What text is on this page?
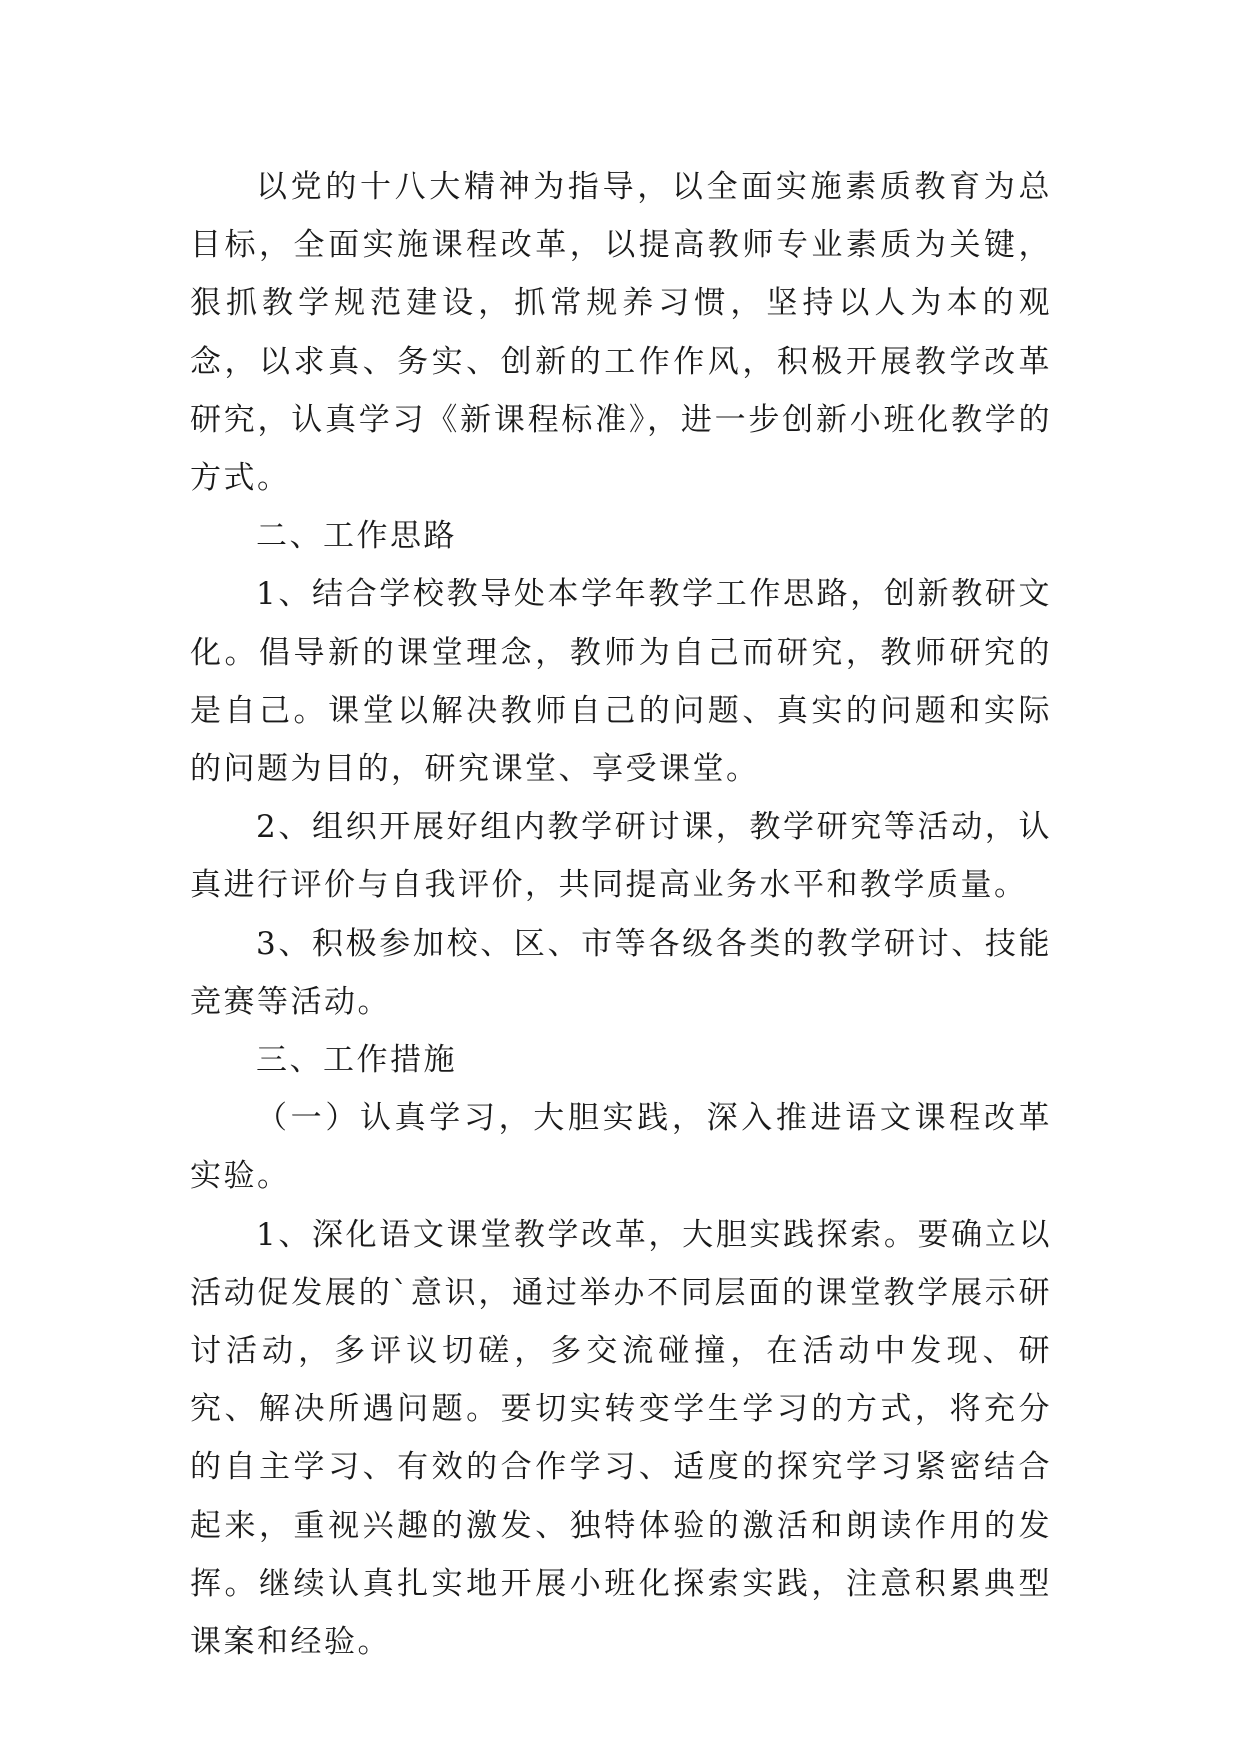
以党的十八大精神为指导，以全面实施素质教育为总目标，全面实施课程改革，以提高教师专业素质为关键，狠抓教学规范建设，抓常规养习惯，坚持以人为本的观念，以求真、务实、创新的工作作风，积极开展教学改革研究，认真学习《新课程标准》，进一步创新小班化教学的方式。

二、工作思路

1、结合学校教导处本学年教学工作思路，创新教研文化。倡导新的课堂理念，教师为自己而研究，教师研究的是自己。课堂以解决教师自己的问题、真实的问题和实际的问题为目的，研究课堂、享受课堂。

2、组织开展好组内教学研讨课，教学研究等活动，认真进行评价与自我评价，共同提高业务水平和教学质量。

3、积极参加校、区、市等各级各类的教学研讨、技能竞赛等活动。

三、工作措施

（一）认真学习，大胆实践，深入推进语文课程改革实验。

1、深化语文课堂教学改革，大胆实践探索。要确立以活动促发展的`意识，通过举办不同层面的课堂教学展示研讨活动，多评议切磋，多交流碰撞，在活动中发现、研究、解决所遇问题。要切实转变学生学习的方式，将充分的自主学习、有效的合作学习、适度的探究学习紧密结合起来，重视兴趣的激发、独特体验的激活和朗读作用的发挥。继续认真扎实地开展小班化探索实践，注意积累典型课案和经验。
